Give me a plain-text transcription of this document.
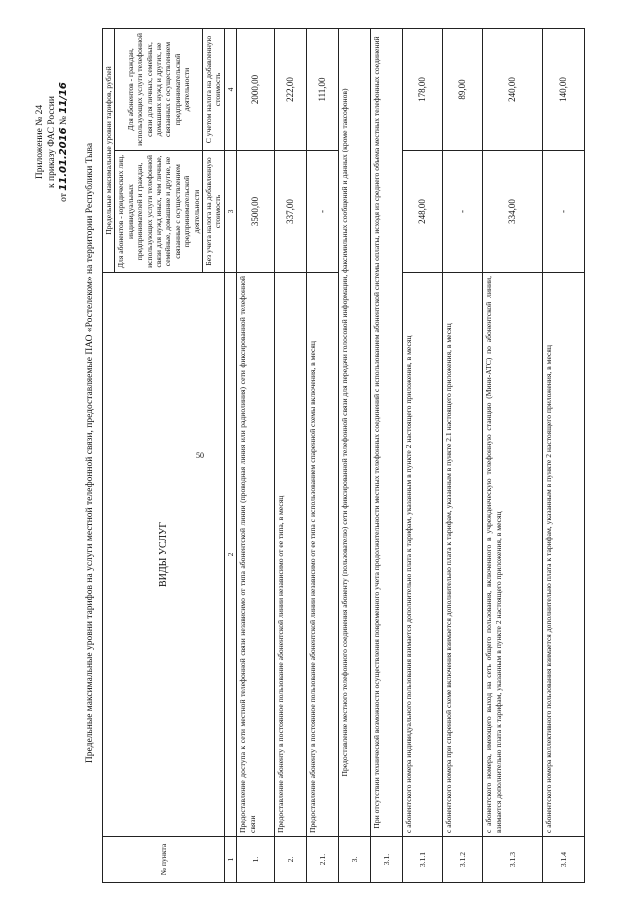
50
Приложение № 24 к приказу ФАС России
от 11.01.2016 № 11/16
Предельные максимальные уровни тарифов на услуги местной телефонной связи, предоставляемые ПАО «Ростелеком» на территории Республики Тыва
№ пункта	ВИДЫ УСЛУГ	Предельные максимальные уровни тарифов, рублей	
		Для абонентов - юридических лиц, индивидуальных предпринимателей и граждан, использующих услуги телефонной связи для нужд иных, чем личные, семейные, домашние и другие, не связанные с осуществлением предпринимательской деятельности	Для абонентов - граждан, использующих услуги телефонной связи для личных, семейных, домашних нужд и других, не связанных с осуществлением предпринимательской деятельности
		Без учета налога на добавленную стоимость	С учетом налога на добавленную стоимость
1	2	3	4
1.	Предоставление доступа к сети местной телефонной связи независимо от типа абонентской линии (проводная линия или радиолиния) сети фиксированной телефонной связи	3500,00	2000,00
2.	Предоставление абоненту в постоянное пользование абонентской линии независимо от ее типа, в месяц	337,00	222,00
2.1.	Предоставление абоненту в постоянное пользование абонентской линии независимо от ее типа с использованием спаренной схемы включения, в месяц	-	111,00
3.	Предоставление местного телефонного соединения абоненту (пользователю) сети фиксированной телефонной связи для передачи голосовой информации, факсимильных сообщений и данных (кроме таксофонов)		
3.1.	При отсутствии технической возможности осуществления повременного учета продолжительности местных телефонных соединений с использованием абонентской системы оплаты, исходя из среднего объема местных телефонных соединений		
3.1.1	с абонентского номера индивидуального пользования взимается дополнительно плата к тарифам, указанным в пункте 2 настоящего приложения, в месяц	248,00	178,00
3.1.2	с абонентского номера при спаренной схеме включения взимается дополнительно плата к тарифам, указанным в пункте 2.1 настоящего приложения, в месяц	-	89,00
3.1.3	с абонентского номера, имеющего выход на сеть общего пользования, включенного в учрежденческую телефонную станцию (Мини-АТС) по абонентской линии, взимается дополнительно плата к тарифам, указанным в пункте 2 настоящего приложения, в месяц	334,00	240,00
3.1.4	с абонентского номера коллективного пользования взимается дополнительно плата к тарифам, указанным в пункте 2 настоящего приложения, в месяц	-	140,00
